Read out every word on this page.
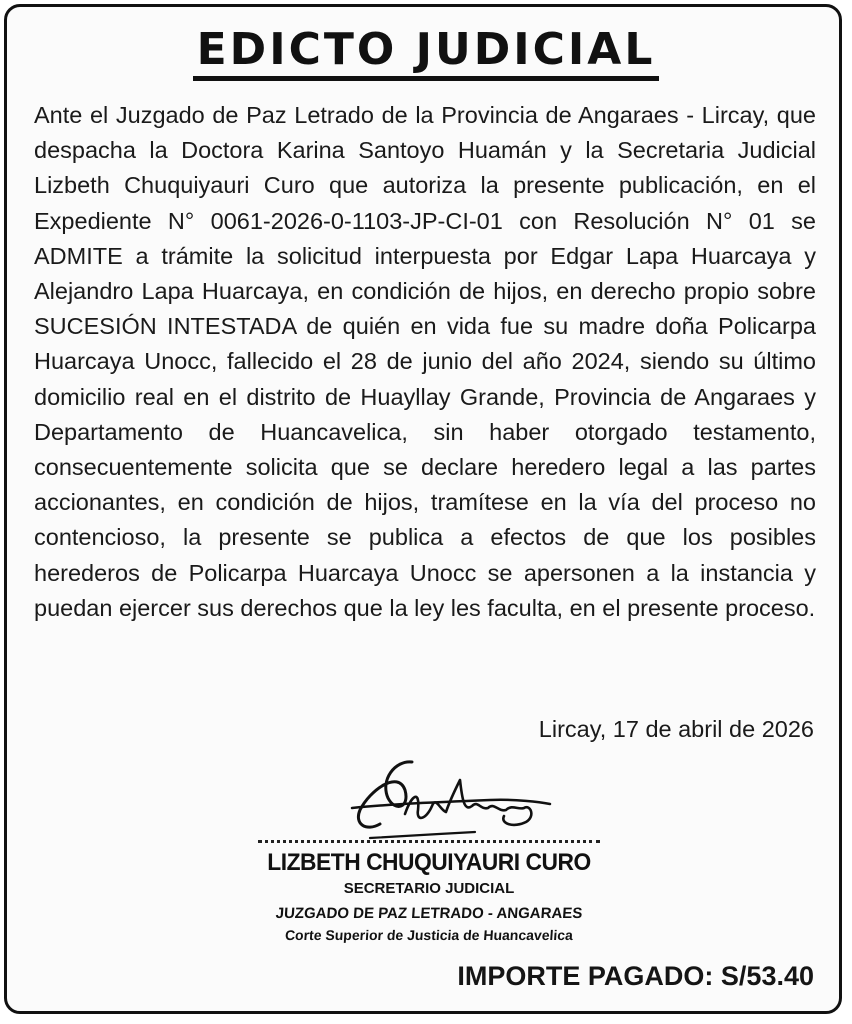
EDICTO JUDICIAL
Ante el Juzgado de Paz Letrado de la Provincia de Angaraes - Lircay, que despacha la Doctora Karina Santoyo Huamán y la Secretaria Judicial Lizbeth Chuquiyauri Curo que autoriza la presente publicación, en el Expediente N° 0061-2026-0-1103-JP-CI-01 con Resolución N° 01 se ADMITE a trámite la solicitud interpuesta por Edgar Lapa Huarcaya y Alejandro Lapa Huarcaya, en condición de hijos, en derecho propio sobre SUCESIÓN INTESTADA de quién en vida fue su madre doña Policarpa Huarcaya Unocc, fallecido el 28 de junio del año 2024, siendo su último domicilio real en el distrito de Huayllay Grande, Provincia de Angaraes y Departamento de Huancavelica, sin haber otorgado testamento, consecuentemente solicita que se declare heredero legal a las partes accionantes, en condición de hijos, tramítese en la vía del proceso no contencioso, la presente se publica a efectos de que los posibles herederos de Policarpa Huarcaya Unocc se apersonen a la instancia y puedan ejercer sus derechos que la ley les faculta, en el presente proceso.
Lircay, 17 de abril de 2026
LIZBETH CHUQUIYAURI CURO
SECRETARIO JUDICIAL
JUZGADO DE PAZ LETRADO - ANGARAES
Corte Superior de Justicia de Huancavelica
IMPORTE PAGADO: S/53.40
